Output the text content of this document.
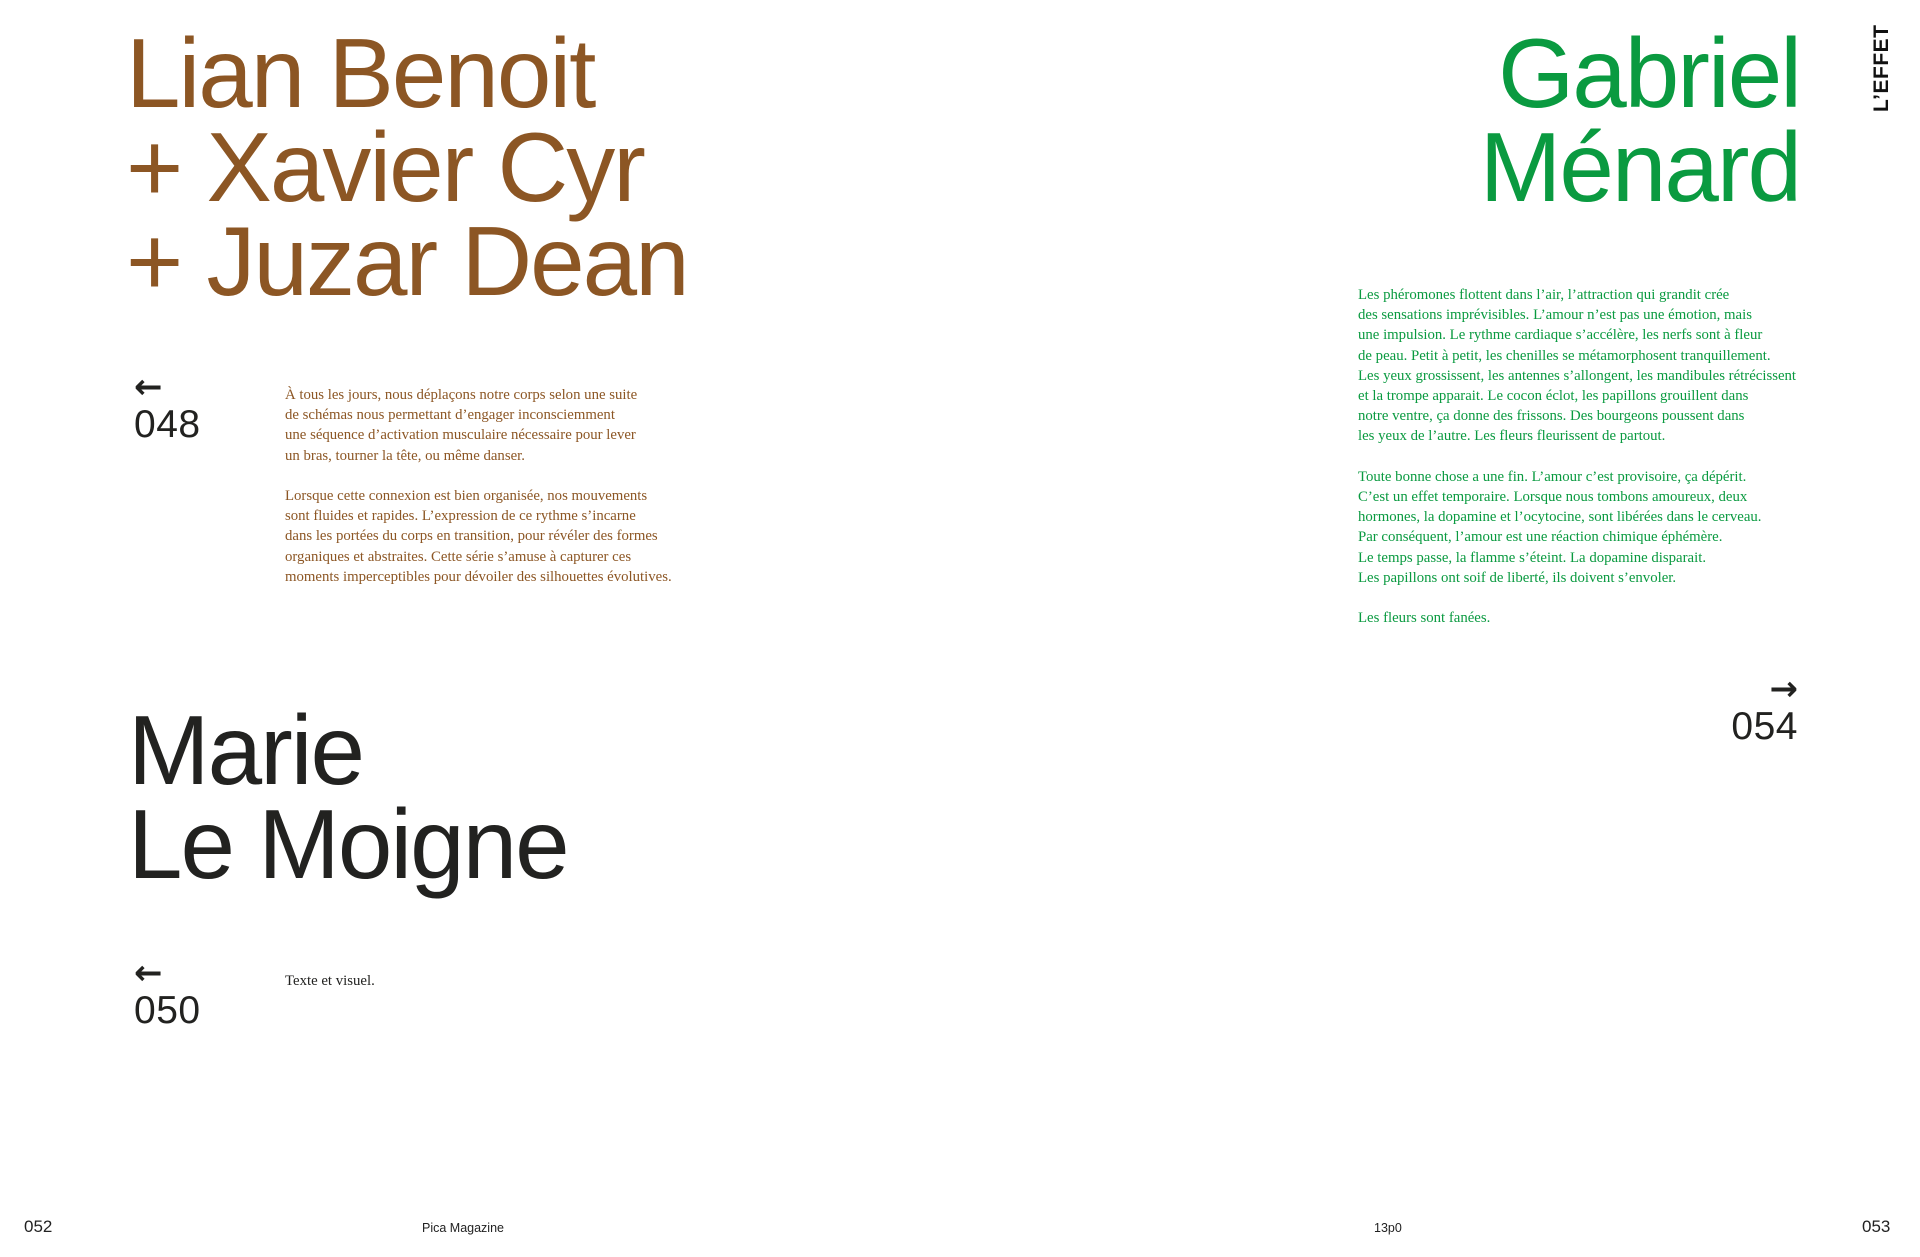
Lian Benoit
+ Xavier Cyr
+ Juzar Dean
←
048

À tous les jours, nous déplaçons notre corps selon une suite
de schémas nous permettant d’engager inconsciemment
une séquence d’activation musculaire nécessaire pour lever
un bras, tourner la tête, ou même danser.

Lorsque cette connexion est bien organisée, nos mouvements
sont fluides et rapides. L’expression de ce rythme s’incarne
dans les portées du corps en transition, pour révéler des formes
organiques et abstraites. Cette série s’amuse à capturer ces
moments imperceptibles pour dévoiler des silhouettes évolutives.

Marie
Le Moigne
←
050
Texte et visuel.
052	Pica Magazine
L’EFFET
Gabriel
Ménard

Les phéromones flottent dans l’air, l’attraction qui grandit crée
des sensations imprévisibles. L’amour n’est pas une émotion, mais
une impulsion. Le rythme cardiaque s’accélère, les nerfs sont à fleur
de peau. Petit à petit, les chenilles se métamorphosent tranquillement.
Les yeux grossissent, les antennes s’allongent, les mandibules rétrécissent
et la trompe apparait. Le cocon éclot, les papillons grouillent dans
notre ventre, ça donne des frissons. Des bourgeons poussent dans
les yeux de l’autre. Les fleurs fleurissent de partout.

Toute bonne chose a une fin. L’amour c’est provisoire, ça dépérit.
C’est un effet temporaire. Lorsque nous tombons amoureux, deux
hormones, la dopamine et l’ocytocine, sont libérées dans le cerveau.
Par conséquent, l’amour est une réaction chimique éphémère.
Le temps passe, la flamme s’éteint. La dopamine disparait.
Les papillons ont soif de liberté, ils doivent s’envoler.

Les fleurs sont fanées.

→
054
13p0	053
